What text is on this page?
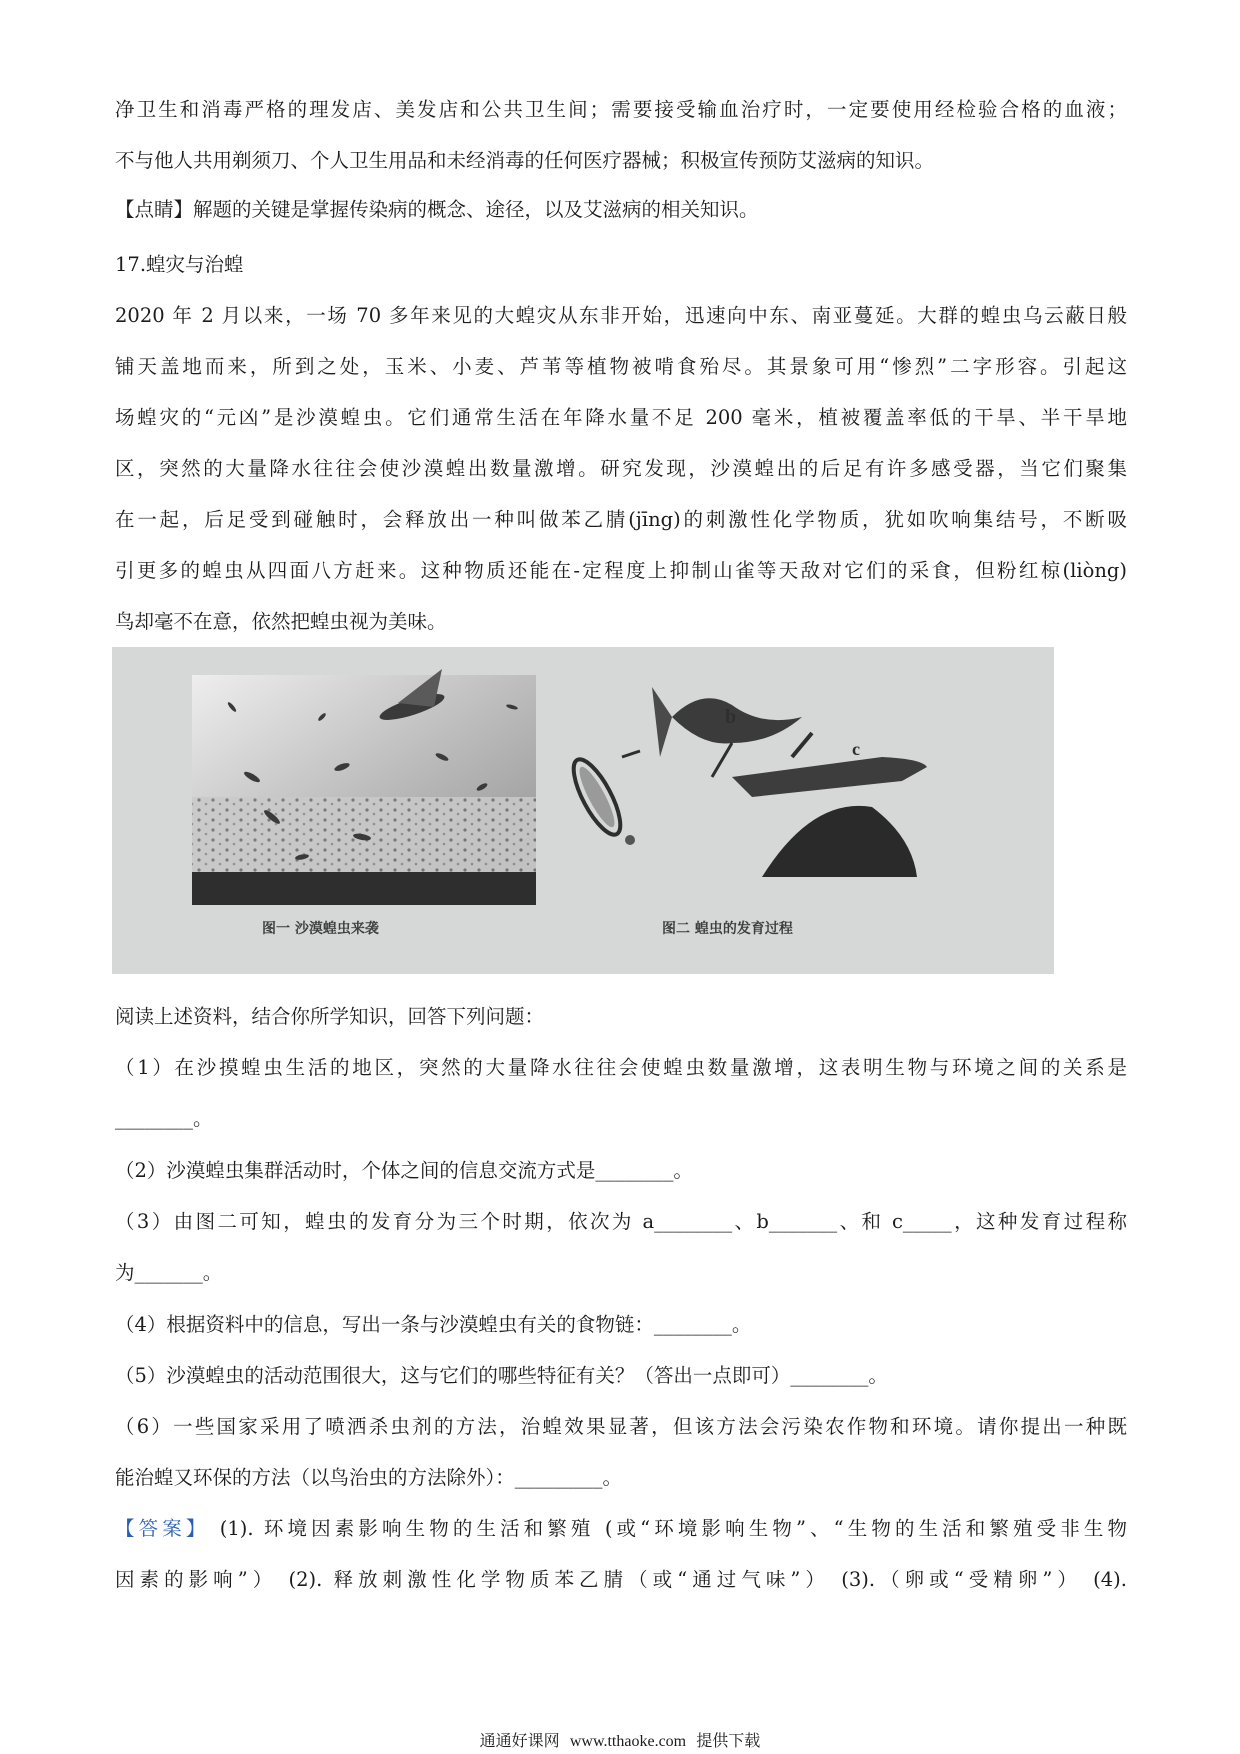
净卫生和消毒严格的理发店、美发店和公共卫生间；需要接受输血治疗时，一定要使用经检验合格的血液；
不与他人共用剃须刀、个人卫生用品和未经消毒的任何医疗器械；积极宣传预防艾滋病的知识。
【点睛】解题的关键是掌握传染病的概念、途径，以及艾滋病的相关知识。
17.蝗灾与治蝗
2020 年 2 月以来，一场 70 多年来见的大蝗灾从东非开始，迅速向中东、南亚蔓延。大群的蝗虫乌云蔽日般
铺天盖地而来，所到之处，玉米、小麦、芦苇等植物被啃食殆尽。其景象可用“惨烈”二字形容。引起这
场蝗灾的“元凶”是沙漠蝗虫。它们通常生活在年降水量不足 200 毫米，植被覆盖率低的干旱、半干旱地
区，突然的大量降水往往会使沙漠蝗出数量激增。研究发现，沙漠蝗出的后足有许多感受器，当它们聚集
在一起，后足受到碰触时，会释放出一种叫做苯乙腈(jīng)的刺激性化学物质，犹如吹响集结号，不断吸
引更多的蝗虫从四面八方赶来。这种物质还能在-定程度上抑制山雀等天敌对它们的采食，但粉红椋(liòng)
鸟却毫不在意，依然把蝗虫视为美味。
图一 沙漠蝗虫来袭
b
c
图二 蝗虫的发育过程
阅读上述资料，结合你所学知识，回答下列问题：
（1）在沙摸蝗虫生活的地区，突然的大量降水往往会使蝗虫数量激增，这表明生物与环境之间的关系是
________。
（2）沙漠蝗虫集群活动时，个体之间的信息交流方式是________。
（3）由图二可知，蝗虫的发育分为三个时期，依次为 a________、b_______、和 c_____，这种发育过程称
为_______。
（4）根据资料中的信息，写出一条与沙漠蝗虫有关的食物链：________。
（5）沙漠蝗虫的活动范围很大，这与它们的哪些特征有关？（答出一点即可）________。
（6）一些国家采用了喷洒杀虫剂的方法，治蝗效果显著，但该方法会污染农作物和环境。请你提出一种既
能治蝗又环保的方法（以鸟治虫的方法除外）：_________。
【答案】 (1). 环境因素影响生物的生活和繁殖 (或“环境影响生物”、“生物的生活和繁殖受非生物
因素的影响”） (2). 释放刺激性化学物质苯乙腈（或“通过气味”） (3).（卵或“受精卵”） (4).
通通好课网 www.tthaoke.com 提供下载
